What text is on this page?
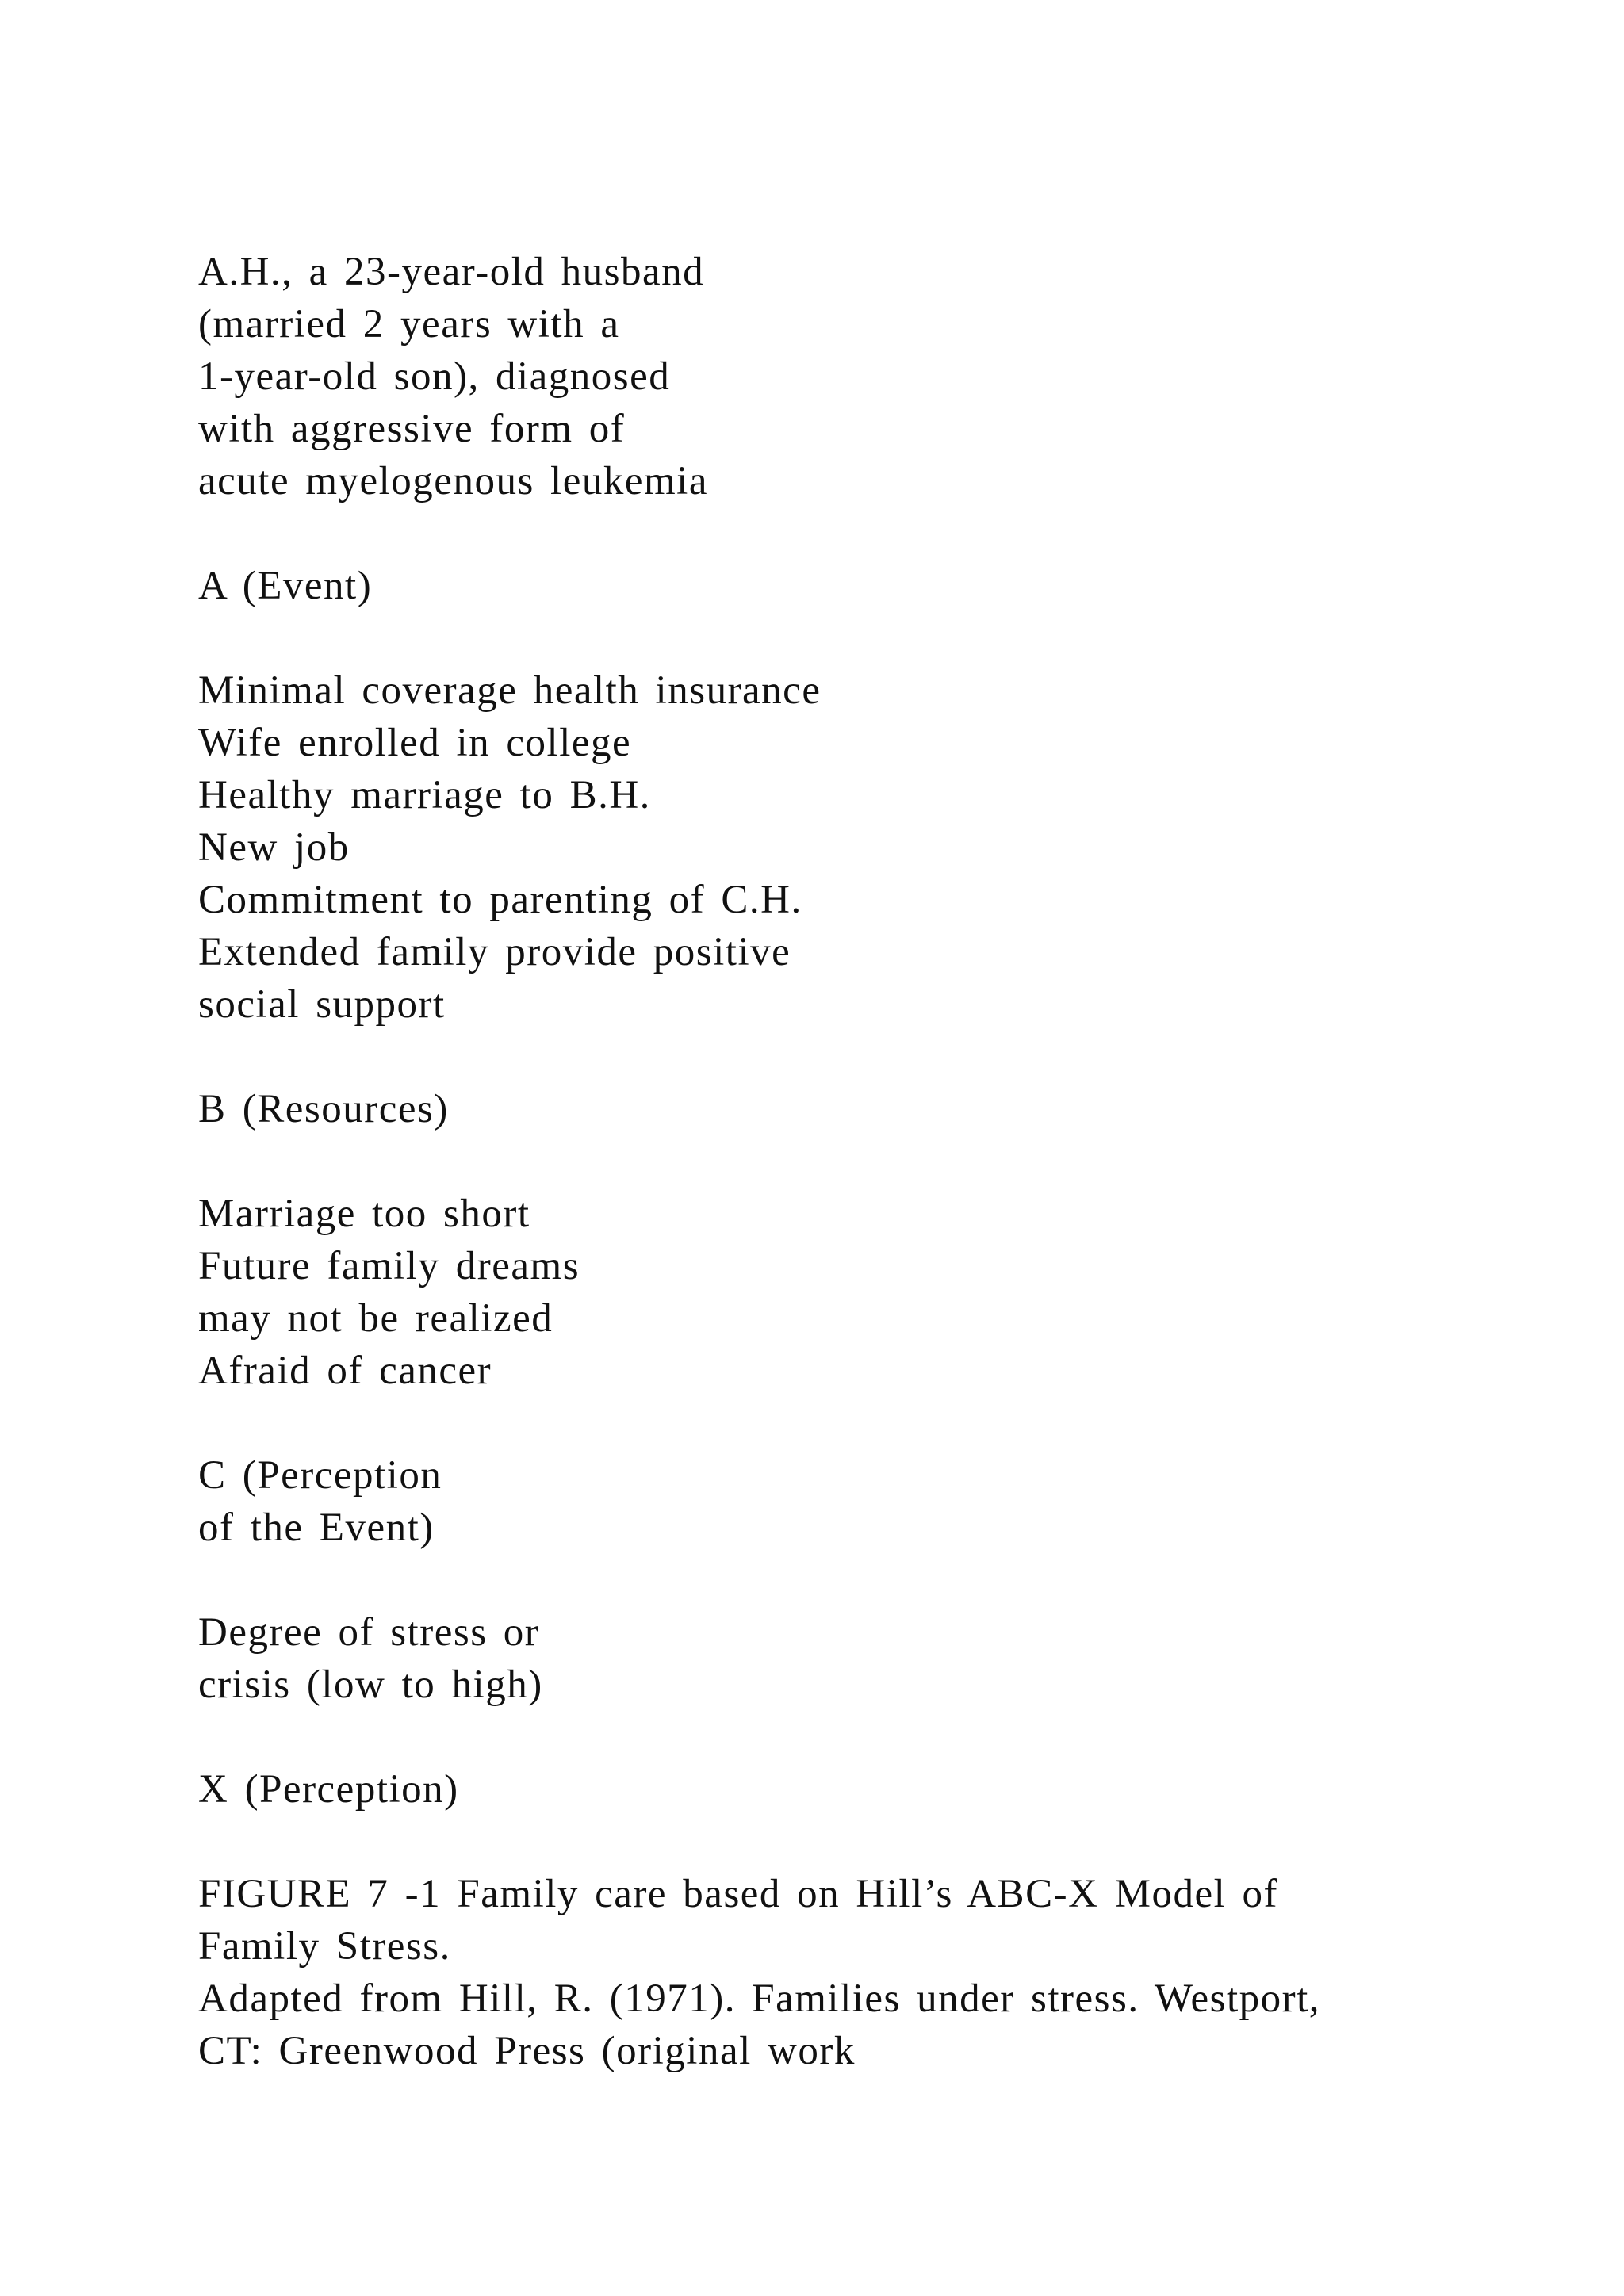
A.H., a 23-year-old husband
(married 2 years with a
1-year-old son), diagnosed
with aggressive form of
acute myelogenous leukemia
A (Event)
Minimal coverage health insurance
Wife enrolled in college
Healthy marriage to B.H.
New job
Commitment to parenting of C.H.
Extended family provide positive
social support
B (Resources)
Marriage too short
Future family dreams
may not be realized
Afraid of cancer
C (Perception
of the Event)
Degree of stress or
crisis (low to high)
X (Perception)
FIGURE 7 -1 Family care based on Hill’s ABC-X Model of
Family Stress.
Adapted from Hill, R. (1971). Families under stress. Westport,
CT: Greenwood Press (original work
